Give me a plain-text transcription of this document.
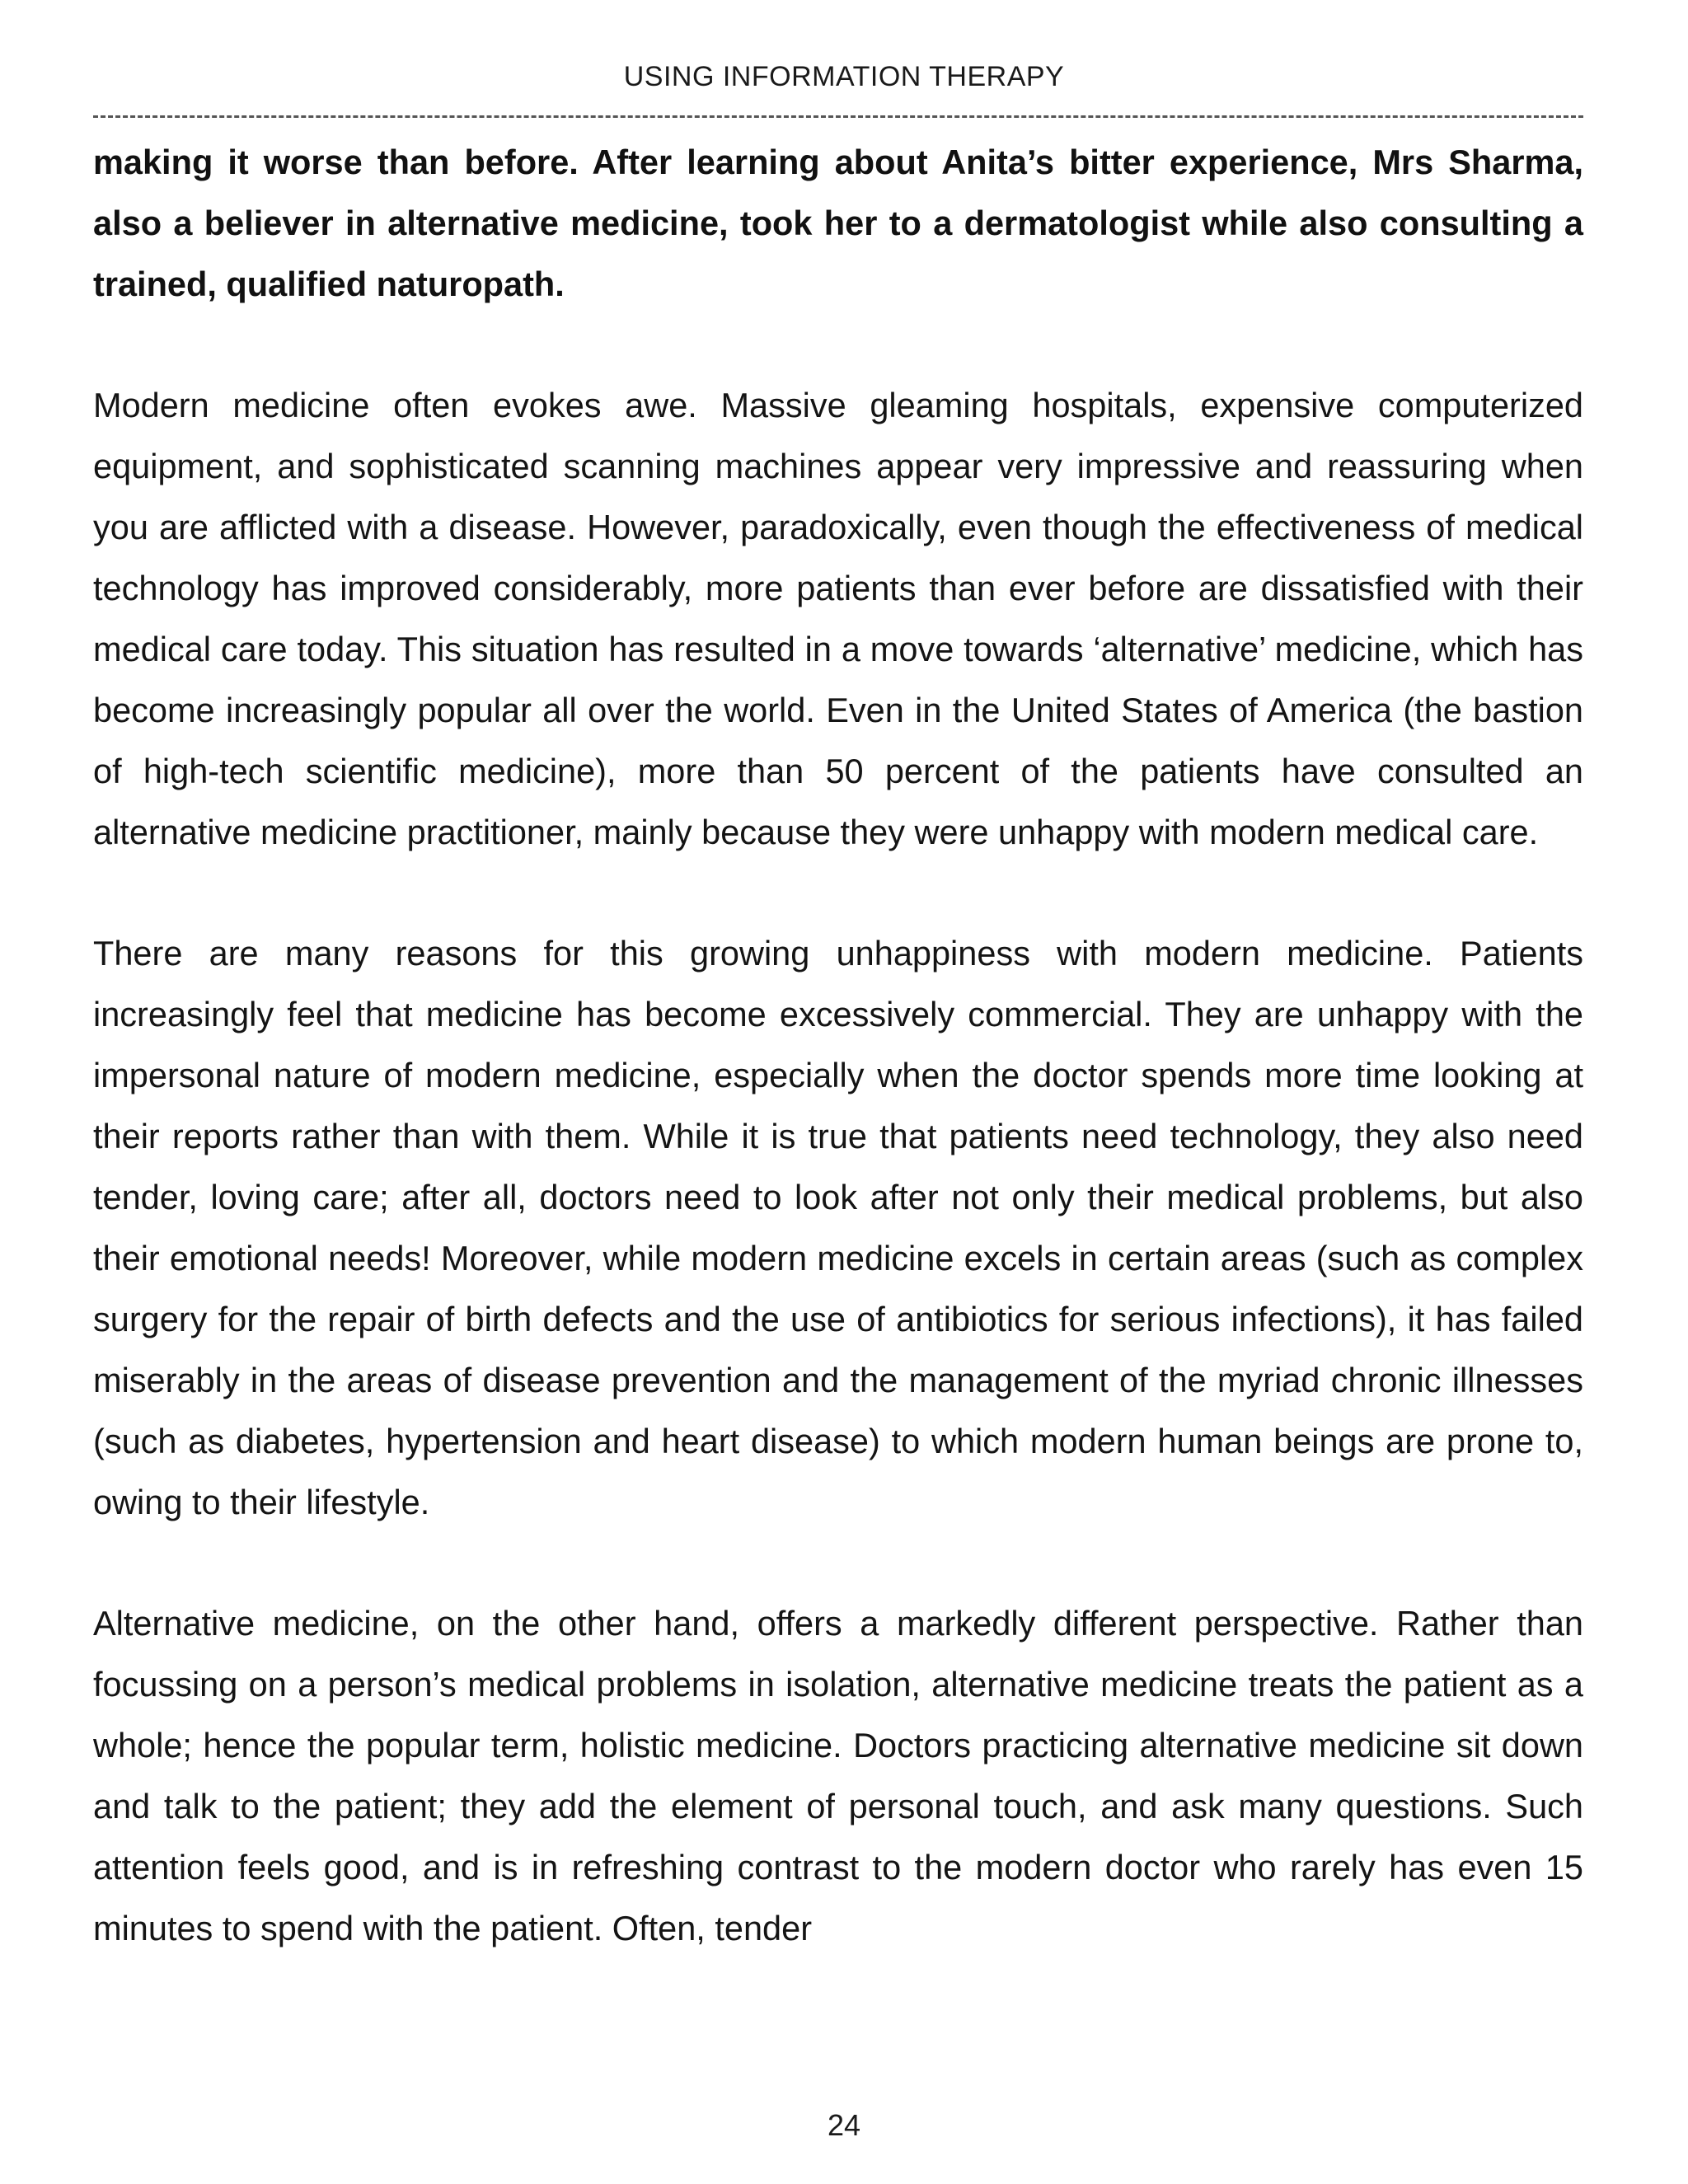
USING INFORMATION THERAPY

making it worse than before. After learning about Anita’s bitter experience, Mrs Sharma, also a believer in alternative medicine, took her to a dermatologist while also consulting a trained, qualified naturopath.

Modern medicine often evokes awe. Massive gleaming hospitals, expensive computerized equipment, and sophisticated scanning machines appear very impressive and reassuring when you are afflicted with a disease. However, paradoxically, even though the effectiveness of medical technology has improved considerably, more patients than ever before are dissatisfied with their medical care today. This situation has resulted in a move towards ‘alternative’ medicine, which has become increasingly popular all over the world. Even in the United States of America (the bastion of high-tech scientific medicine), more than 50 percent of the patients have consulted an alternative medicine practitioner, mainly because they were unhappy with modern medical care.

There are many reasons for this growing unhappiness with modern medicine. Patients increasingly feel that medicine has become excessively commercial. They are unhappy with the impersonal nature of modern medicine, especially when the doctor spends more time looking at their reports rather than with them. While it is true that patients need technology, they also need tender, loving care; after all, doctors need to look after not only their medical problems, but also their emotional needs! Moreover, while modern medicine excels in certain areas (such as complex surgery for the repair of birth defects and the use of antibiotics for serious infections), it has failed miserably in the areas of disease prevention and the management of the myriad chronic illnesses (such as diabetes, hypertension and heart disease) to which modern human beings are prone to, owing to their lifestyle.

Alternative medicine, on the other hand, offers a markedly different perspective. Rather than focussing on a person’s medical problems in isolation, alternative medicine treats the patient as a whole; hence the popular term, holistic medicine. Doctors practicing alternative medicine sit down and talk to the patient; they add the element of personal touch, and ask many questions. Such attention feels good, and is in refreshing contrast to the modern doctor who rarely has even 15 minutes to spend with the patient. Often, tender

24
